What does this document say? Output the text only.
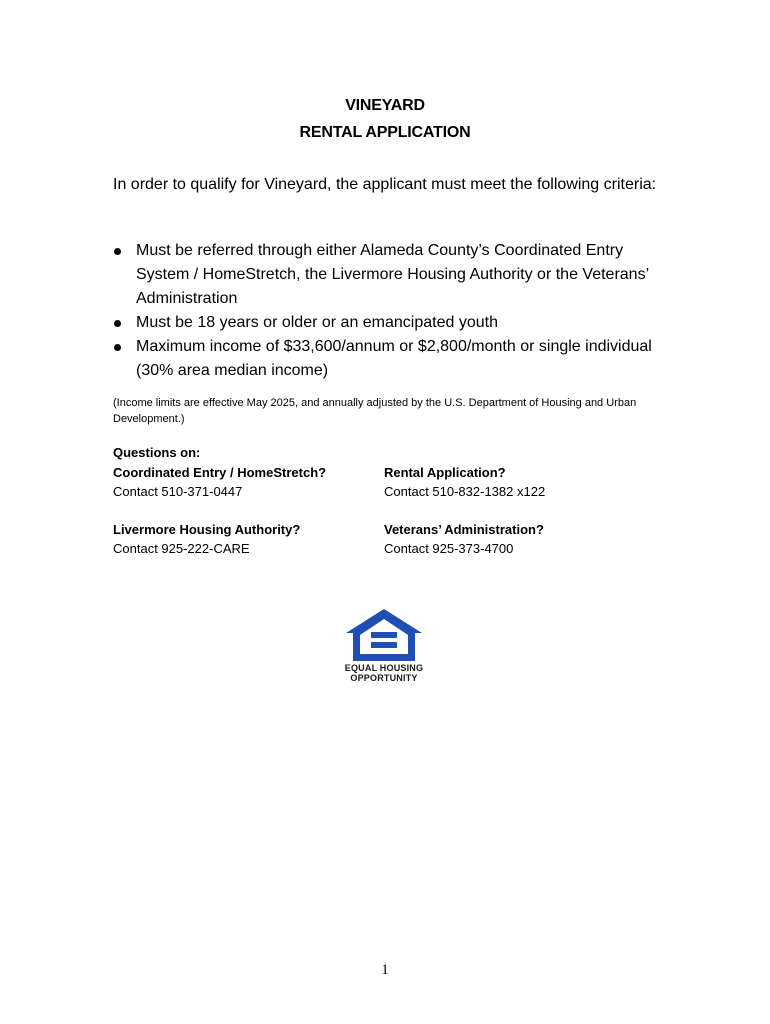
VINEYARD
RENTAL APPLICATION
In order to qualify for Vineyard, the applicant must meet the following criteria:
Must be referred through either Alameda County’s Coordinated Entry System / HomeStretch, the Livermore Housing Authority or the Veterans’ Administration
Must be 18 years or older or an emancipated youth
Maximum income of $33,600/annum or $2,800/month or single individual (30% area median income)
(Income limits are effective May 2025, and annually adjusted by the U.S. Department of Housing and Urban Development.)
Questions on:
Coordinated Entry / HomeStretch?
Contact 510-371-0447
Rental Application?
Contact 510-832-1382 x122
Livermore Housing Authority?
Contact 925-222-CARE
Veterans’ Administration?
Contact 925-373-4700
EQUAL HOUSING
OPPORTUNITY
1
